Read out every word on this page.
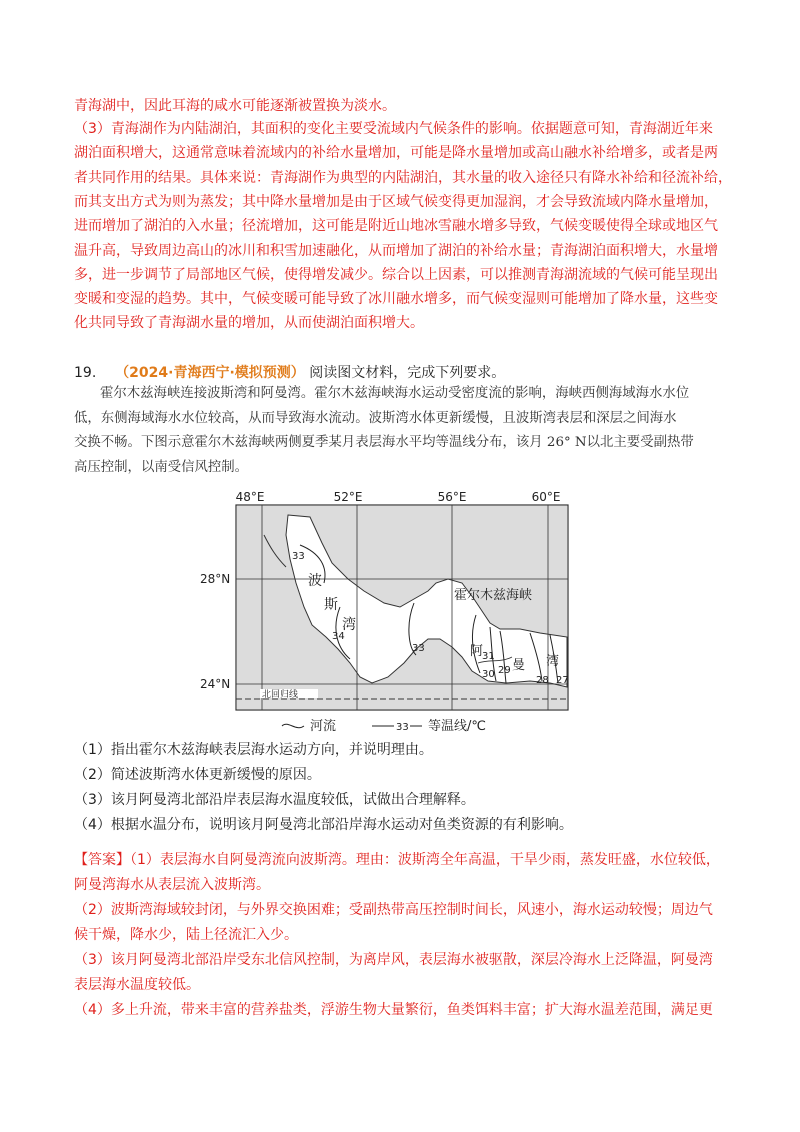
青海湖中，因此耳海的咸水可能逐渐被置换为淡水。
（3）青海湖作为内陆湖泊，其面积的变化主要受流域内气候条件的影响。依据题意可知，青海湖近年来
湖泊面积增大，这通常意味着流域内的补给水量增加，可能是降水量增加或高山融水补给增多，或者是两
者共同作用的结果。具体来说：青海湖作为典型的内陆湖泊，其水量的收入途径只有降水补给和径流补给，
而其支出方式为则为蒸发；其中降水量增加是由于区域气候变得更加湿润，才会导致流域内降水量增加，
进而增加了湖泊的入水量；径流增加，这可能是附近山地冰雪融水增多导致，气候变暖使得全球或地区气
温升高，导致周边高山的冰川和积雪加速融化，从而增加了湖泊的补给水量；青海湖泊面积增大，水量增
多，进一步调节了局部地区气候，使得增发减少。综合以上因素，可以推测青海湖流域的气候可能呈现出
变暖和变湿的趋势。其中，气候变暖可能导致了冰川融水增多，而气候变湿则可能增加了降水量，这些变
化共同导致了青海湖水量的增加，从而使湖泊面积增大。
19. （2024·青海西宁·模拟预测） 阅读图文材料，完成下列要求。
霍尔木兹海峡连接波斯湾和阿曼湾。霍尔木兹海峡海水运动受密度流的影响，海峡西侧海域海水水位
低，东侧海域海水水位较高，从而导致海水流动。波斯湾水体更新缓慢，且波斯湾表层和深层之间海水
交换不畅。下图示意霍尔木兹海峡两侧夏季某月表层海水平均等温线分布，该月 26° N以北主要受副热带
高压控制，以南受信风控制。
48°E	52°E	56°E	60°E
28°N
24°N
北回归线
33
34
33
31
30 29
28 27
波
斯
湾
霍尔木兹海峡
阿
曼 湾
河流	33 等温线/℃
（1）指出霍尔木兹海峡表层海水运动方向，并说明理由。
（2）简述波斯湾水体更新缓慢的原因。
（3）该月阿曼湾北部沿岸表层海水温度较低，试做出合理解释。
（4）根据水温分布，说明该月阿曼湾北部沿岸海水运动对鱼类资源的有利影响。
【答案】（1）表层海水自阿曼湾流向波斯湾。理由：波斯湾全年高温，干旱少雨，蒸发旺盛，水位较低，
阿曼湾海水从表层流入波斯湾。
（2）波斯湾海域较封闭，与外界交换困难；受副热带高压控制时间长，风速小，海水运动较慢；周边气
候干燥，降水少，陆上径流汇入少。
（3）该月阿曼湾北部沿岸受东北信风控制，为离岸风，表层海水被驱散，深层冷海水上泛降温，阿曼湾
表层海水温度较低。
（4）多上升流，带来丰富的营养盐类，浮游生物大量繁衍，鱼类饵料丰富；扩大海水温差范围，满足更
